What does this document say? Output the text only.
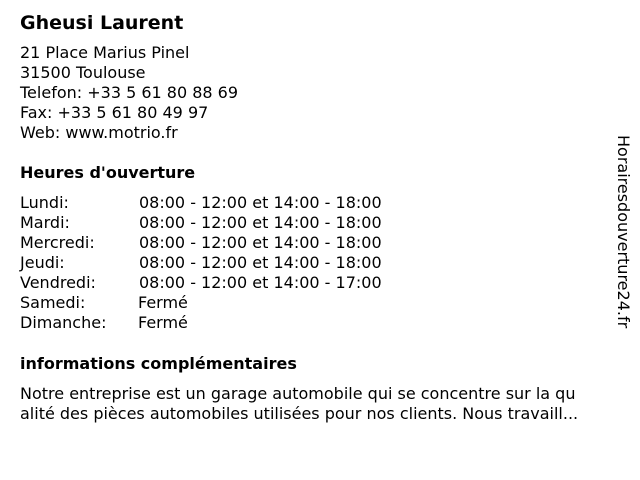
Gheusi Laurent
21 Place Marius Pinel
31500 Toulouse
Telefon: +33 5 61 80 88 69
Fax: +33 5 61 80 49 97
Web: www.motrio.fr
Heures d'ouverture
Lundi:	08:00 - 12:00 et 14:00 - 18:00
Mardi:	08:00 - 12:00 et 14:00 - 18:00
Mercredi:	08:00 - 12:00 et 14:00 - 18:00
Jeudi:	08:00 - 12:00 et 14:00 - 18:00
Vendredi:	08:00 - 12:00 et 14:00 - 17:00
Samedi:	Fermé
Dimanche: Fermé
informations complémentaires
Notre entreprise est un garage automobile qui se concentre sur la qu
alité des pièces automobiles utilisées pour nos clients. Nous travaill...
Horairesdouverture24.fr
